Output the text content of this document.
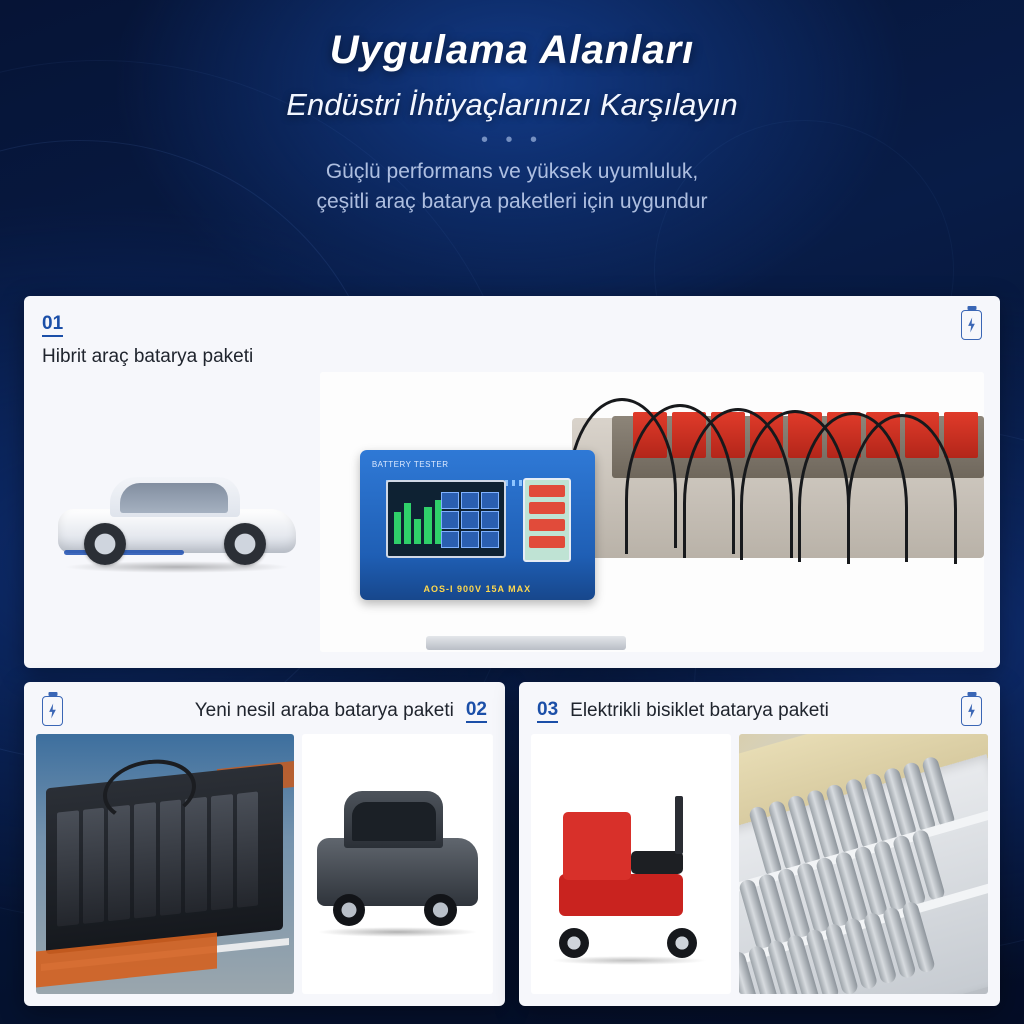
Uygulama Alanları
Endüstri İhtiyaçlarınızı Karşılayın
• • •
Güçlü performans ve yüksek uyumluluk,
çeşitli araç batarya paketleri için uygundur
01
Hibrit araç batarya paketi
BATTERY TESTER
AOS-I 900V 15A MAX
Yeni nesil araba batarya paketi 02	03 Elektrikli bisiklet batarya paketi
